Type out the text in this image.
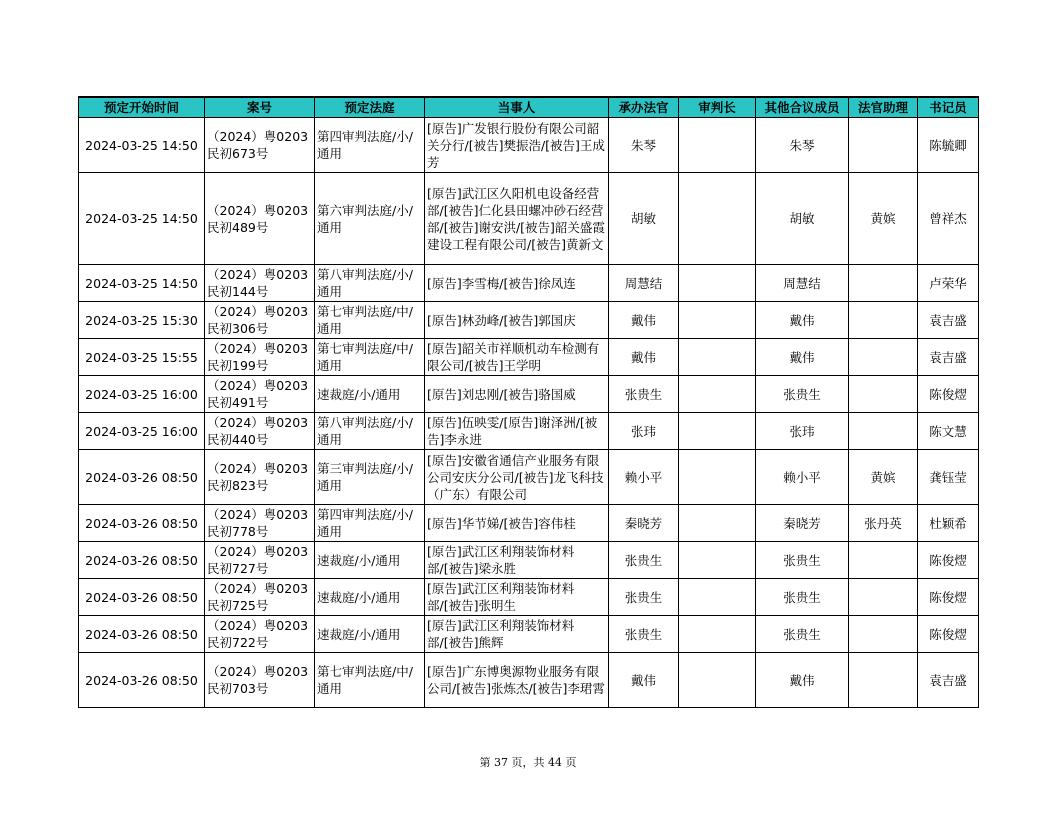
预定开始时间	案号	预定法庭	当事人	承办法官	审判长	其他合议成员	法官助理	书记员
2024-03-25 14:50	（2024）粤0203民初673号	第四审判法庭/小/通用	[原告]广发银行股份有限公司韶关分行/[被告]樊振浩/[被告]王成芳	朱琴		朱琴		陈毓卿
2024-03-25 14:50	（2024）粤0203民初489号	第六审判法庭/小/通用	[原告]武江区久阳机电设备经营部/[被告]仁化县田螺冲砂石经营部/[被告]谢安洪/[被告]韶关盛霞建设工程有限公司/[被告]黄新文	胡敏		胡敏	黄嫔	曾祥杰
2024-03-25 14:50	（2024）粤0203民初144号	第八审判法庭/小/通用	[原告]李雪梅/[被告]徐凤连	周慧结		周慧结		卢荣华
2024-03-25 15:30	（2024）粤0203民初306号	第七审判法庭/中/通用	[原告]林劲峰/[被告]郭国庆	戴伟		戴伟		袁吉盛
2024-03-25 15:55	（2024）粤0203民初199号	第七审判法庭/中/通用	[原告]韶关市祥顺机动车检测有限公司/[被告]王学明	戴伟		戴伟		袁吉盛
2024-03-25 16:00	（2024）粤0203民初491号	速裁庭/小/通用	[原告]刘忠刚/[被告]骆国威	张贵生		张贵生		陈俊熤
2024-03-25 16:00	（2024）粤0203民初440号	第八审判法庭/小/通用	[原告]伍映雯/[原告]谢泽洲/[被告]李永进	张玮		张玮		陈文慧
2024-03-26 08:50	（2024）粤0203民初823号	第三审判法庭/小/通用	[原告]安徽省通信产业服务有限公司安庆分公司/[被告]龙飞科技（广东）有限公司	赖小平		赖小平	黄嫔	龚钰莹
2024-03-26 08:50	（2024）粤0203民初778号	第四审判法庭/小/通用	[原告]华节娣/[被告]容伟桂	秦晓芳		秦晓芳	张丹英	杜颖希
2024-03-26 08:50	（2024）粤0203民初727号	速裁庭/小/通用	[原告]武江区利翔装饰材料部/[被告]梁永胜	张贵生		张贵生		陈俊熤
2024-03-26 08:50	（2024）粤0203民初725号	速裁庭/小/通用	[原告]武江区利翔装饰材料部/[被告]张明生	张贵生		张贵生		陈俊熤
2024-03-26 08:50	（2024）粤0203民初722号	速裁庭/小/通用	[原告]武江区利翔装饰材料部/[被告]熊辉	张贵生		张贵生		陈俊熤
2024-03-26 08:50	（2024）粤0203民初703号	第七审判法庭/中/通用	[原告]广东博奥源物业服务有限公司/[被告]张炼杰/[被告]李珺霄	戴伟		戴伟		袁吉盛
第 37 页，共 44 页
